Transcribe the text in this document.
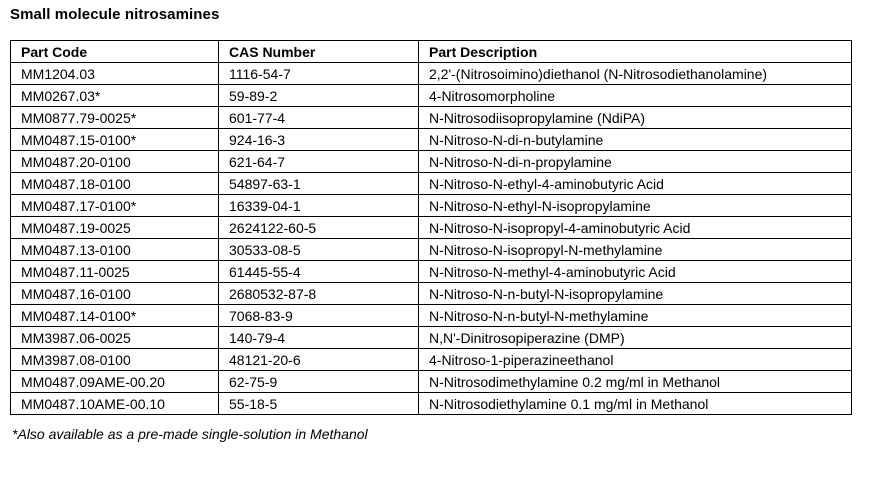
Small molecule nitrosamines
Part Code	CAS Number	Part Description
MM1204.03	1116-54-7	2,2'-(Nitrosoimino)diethanol (N-Nitrosodiethanolamine)
MM0267.03*	59-89-2	4-Nitrosomorpholine
MM0877.79-0025*	601-77-4	N-Nitrosodiisopropylamine (NdiPA)
MM0487.15-0100*	924-16-3	N-Nitroso-N-di-n-butylamine
MM0487.20-0100	621-64-7	N-Nitroso-N-di-n-propylamine
MM0487.18-0100	54897-63-1	N-Nitroso-N-ethyl-4-aminobutyric Acid
MM0487.17-0100*	16339-04-1	N-Nitroso-N-ethyl-N-isopropylamine
MM0487.19-0025	2624122-60-5	N-Nitroso-N-isopropyl-4-aminobutyric Acid
MM0487.13-0100	30533-08-5	N-Nitroso-N-isopropyl-N-methylamine
MM0487.11-0025	61445-55-4	N-Nitroso-N-methyl-4-aminobutyric Acid
MM0487.16-0100	2680532-87-8	N-Nitroso-N-n-butyl-N-isopropylamine
MM0487.14-0100*	7068-83-9	N-Nitroso-N-n-butyl-N-methylamine
MM3987.06-0025	140-79-4	N,N'-Dinitrosopiperazine (DMP)
MM3987.08-0100	48121-20-6	4-Nitroso-1-piperazineethanol
MM0487.09AME-00.20	62-75-9	N-Nitrosodimethylamine 0.2 mg/ml in Methanol
MM0487.10AME-00.10	55-18-5	N-Nitrosodiethylamine 0.1 mg/ml in Methanol
*Also available as a pre-made single-solution in Methanol
